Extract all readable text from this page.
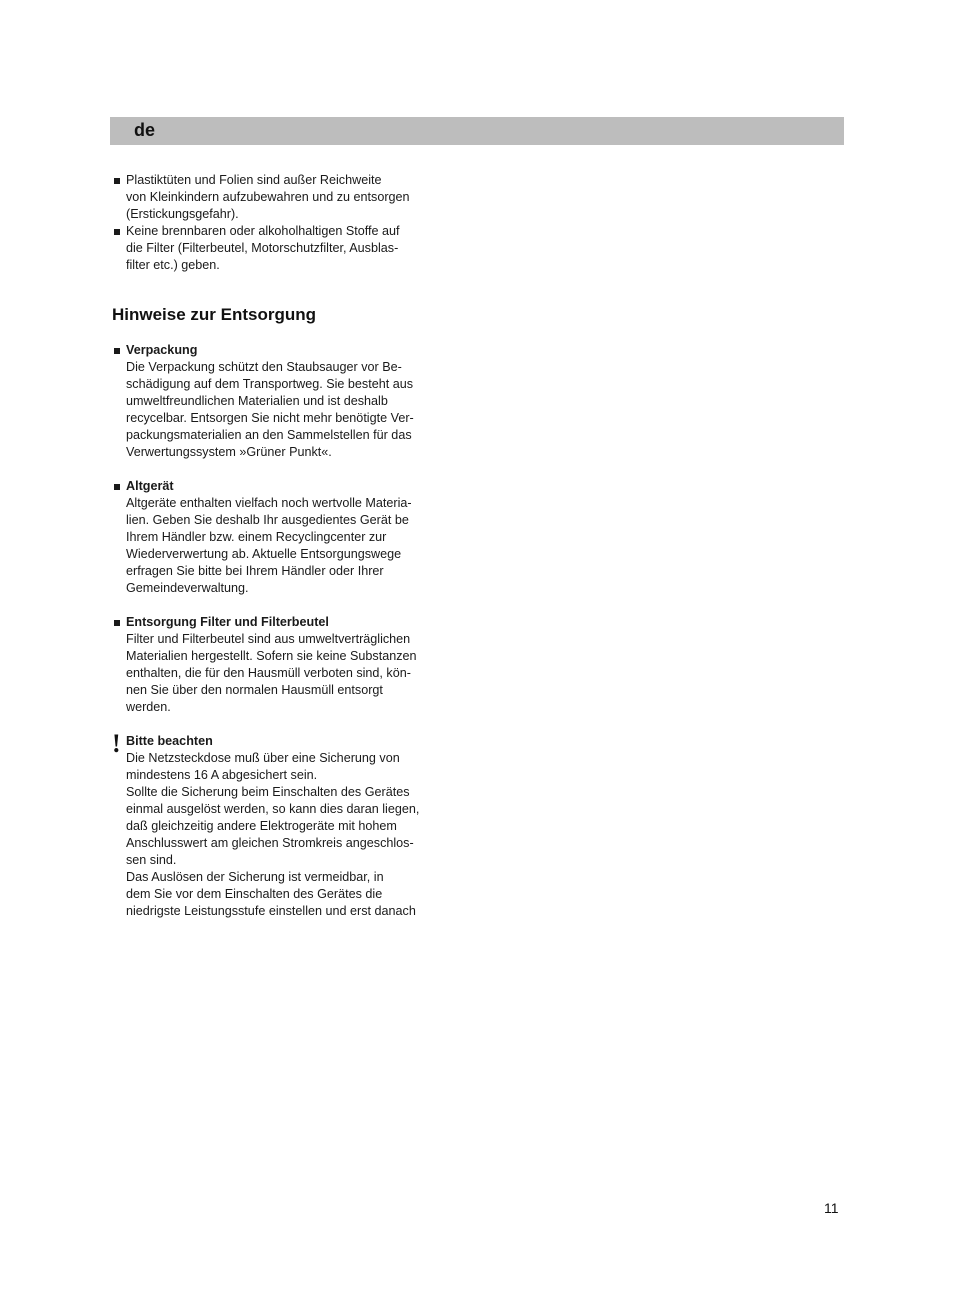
de
Plastiktüten und Folien sind außer Reichweite
von Kleinkindern aufzubewahren und zu entsorgen
(Erstickungsgefahr).
Keine brennbaren oder alkoholhaltigen Stoffe auf
die Filter (Filterbeutel, Motorschutzfilter, Ausblas-
filter etc.) geben.
Hinweise zur Entsorgung
Verpackung
Die Verpackung schützt den Staubsauger vor Be-
schädigung auf dem Transportweg. Sie besteht aus
umweltfreundlichen Materialien und ist deshalb
recycelbar. Entsorgen Sie nicht mehr benötigte Ver-
packungsmaterialien an den Sammelstellen für das
Verwertungssystem »Grüner Punkt«.
Altgerät
Altgeräte enthalten vielfach noch wertvolle Materia-
lien. Geben Sie deshalb Ihr ausgedientes Gerät be
Ihrem Händler bzw. einem Recyclingcenter zur
Wiederverwertung ab. Aktuelle Entsorgungswege
erfragen Sie bitte bei Ihrem Händler oder Ihrer
Gemeindeverwaltung.
Entsorgung Filter und Filterbeutel
Filter und Filterbeutel sind aus umweltverträglichen
Materialien hergestellt. Sofern sie keine Substanzen
enthalten, die für den Hausmüll verboten sind, kön-
nen Sie über den normalen Hausmüll entsorgt
werden.
! Bitte beachten
Die Netzsteckdose muß über eine Sicherung von
mindestens 16 A abgesichert sein.
Sollte die Sicherung beim Einschalten des Gerätes
einmal ausgelöst werden, so kann dies daran liegen,
daß gleichzeitig andere Elektrogeräte mit hohem
Anschlusswert am gleichen Stromkreis angeschlos-
sen sind.
Das Auslösen der Sicherung ist vermeidbar, in
dem Sie vor dem Einschalten des Gerätes die
niedrigste Leistungsstufe einstellen und erst danach
11
